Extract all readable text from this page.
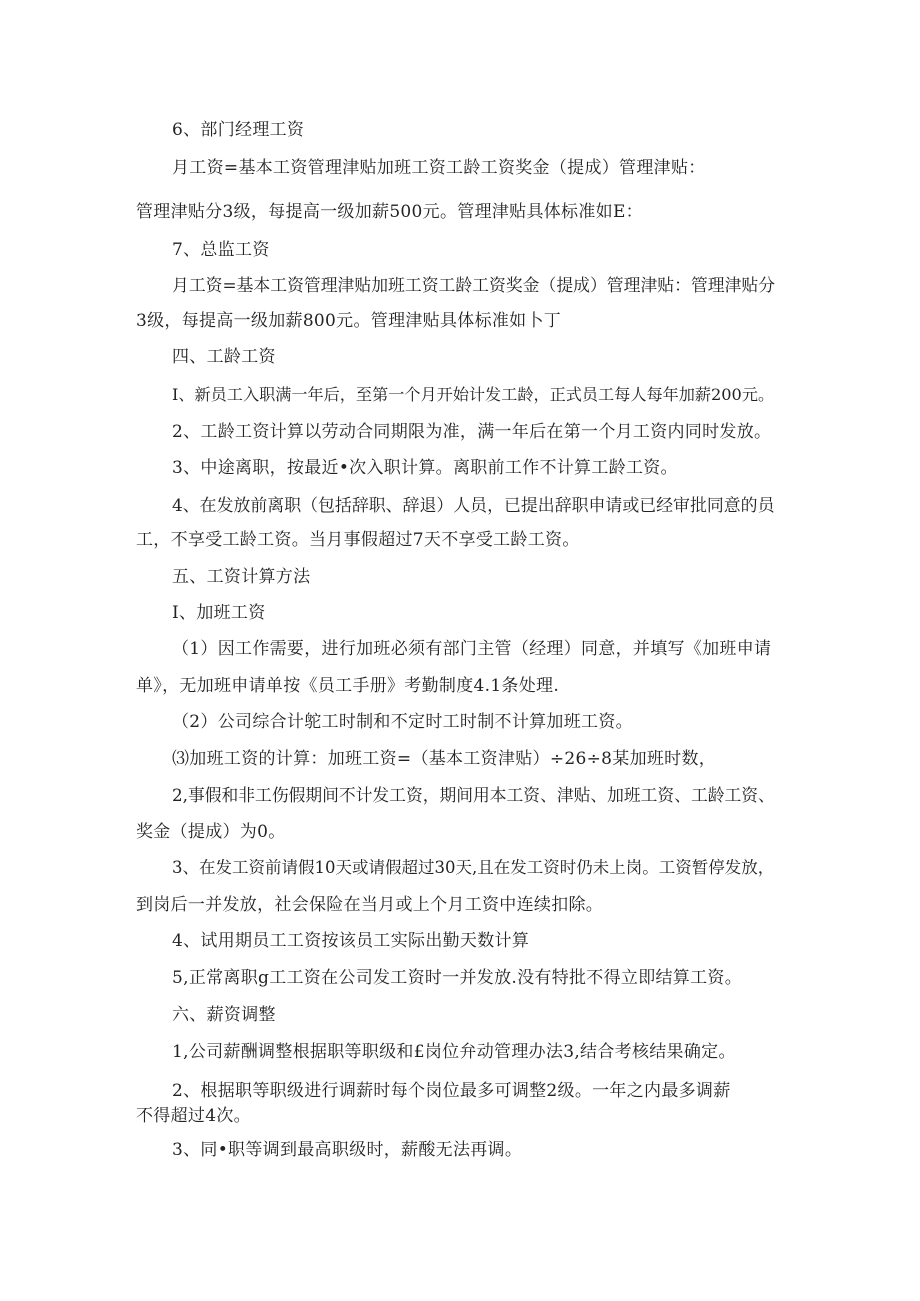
6、部门经理工资

月工资=基本工资管理津贴加班工资工龄工资奖金（提成）管理津贴：

管理津贴分3级，每提高一级加薪500元。管理津贴具体标准如E：

7、总监工资

月工资=基本工资管理津贴加班工资工龄工资奖金（提成）管理津贴：管理津贴分

3级，每提高一级加薪800元。管理津贴具体标准如卜丁

四、工龄工资

I、新员工入职满一年后，至第一个月开始计发工龄，正式员工每人每年加薪200元。

2、工龄工资计算以劳动合同期限为准，满一年后在第一个月工资内同时发放。

3、中途离职，按最近•次入职计算。离职前工作不计算工龄工资。

4、在发放前离职（包括辞职、辞退）人员，已提出辞职申请或已经审批同意的员

工，不享受工龄工资。当月事假超过7天不享受工龄工资。

五、工资计算方法

I、加班工资

（1）因工作需要，进行加班必须有部门主管（经理）同意，并填写《加班申请

单》，无加班申请单按《员工手册》考勤制度4.1条处理.

（2）公司综合计鸵工时制和不定时工时制不计算加班工资。

⑶加班工资的计算：加班工资=（基本工资津贴）÷26÷8某加班时数，

2,事假和非工伤假期间不计发工资，期间用本工资、津贴、加班工资、工龄工资、

奖金（提成）为0。

3、在发工资前请假10天或请假超过30天,且在发工资时仍未上岗。工资暂停发放，

到岗后一并发放，社会保险在当月或上个月工资中连续扣除。

4、试用期员工工资按该员工实际出勤天数计算

5,正常离职g工工资在公司发工资时一并发放.没有特批不得立即结算工资。

六、薪资调整

1,公司薪酬调整根据职等职级和£岗位弁动管理办法3,结合考核结果确定。

2、根据职等职级进行调薪时每个岗位最多可调整2级。一年之内最多调薪

不得超过4次。

3、同•职等调到最高职级时，薪酸无法再调。
